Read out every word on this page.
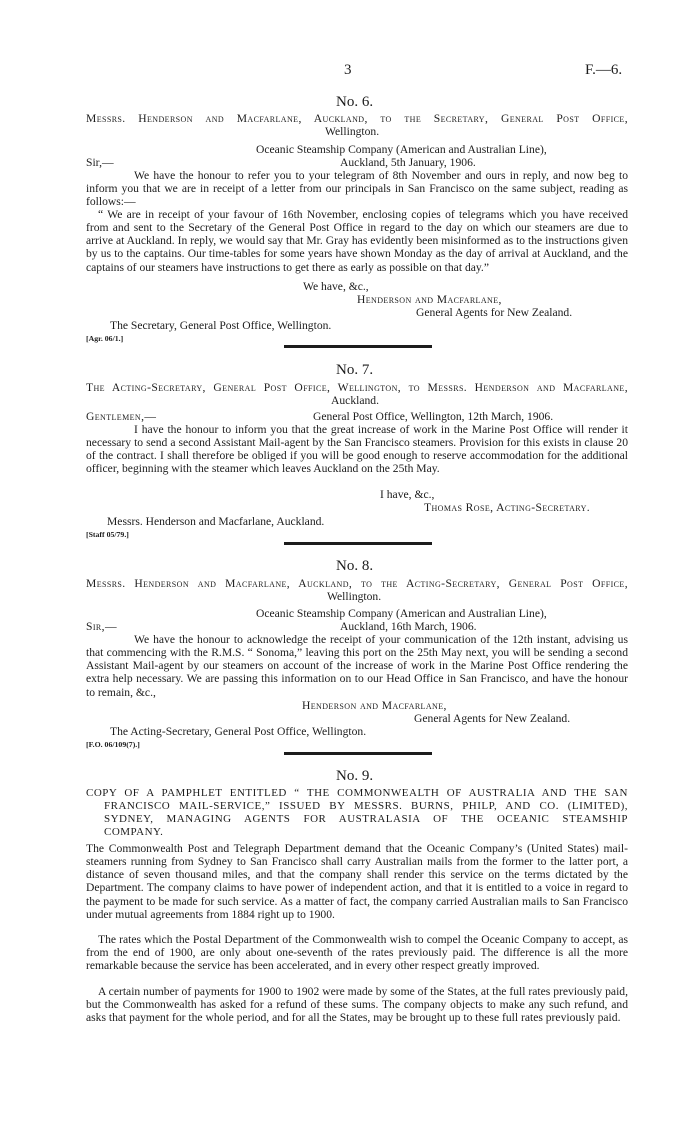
3	F.—6.
No. 6.
Messrs. Henderson and Macfarlane, Auckland, to the Secretary, General Post Office,
Wellington.
Oceanic Steamship Company (American and Australian Line),
Sir,—	Auckland, 5th January, 1906.
We have the honour to refer you to your telegram of 8th November and ours in reply, and now beg to inform you that we are in receipt of a letter from our principals in San Francisco on the same subject, reading as follows:—
“ We are in receipt of your favour of 16th November, enclosing copies of telegrams which you have received from and sent to the Secretary of the General Post Office in regard to the day on which our steamers are due to arrive at Auckland. In reply, we would say that Mr. Gray has evidently been misinformed as to the instructions given by us to the captains. Our time-tables for some years have shown Monday as the day of arrival at Auckland, and the captains of our steamers have instructions to get there as early as possible on that day.”
We have, &c.,
Henderson and Macfarlane,
General Agents for New Zealand.
The Secretary, General Post Office, Wellington.
[Agr. 06/1.]
No. 7.
The Acting-Secretary, General Post Office, Wellington, to Messrs. Henderson and Macfarlane,
Auckland.
Gentlemen,—	General Post Office, Wellington, 12th March, 1906.
I have the honour to inform you that the great increase of work in the Marine Post Office will render it necessary to send a second Assistant Mail-agent by the San Francisco steamers. Provision for this exists in clause 20 of the contract. I shall therefore be obliged if you will be good enough to reserve accommodation for the additional officer, beginning with the steamer which leaves Auckland on the 25th May.
I have, &c.,
Thomas Rose, Acting-Secretary.
Messrs. Henderson and Macfarlane, Auckland.
[Staff 05/79.]
No. 8.
Messrs. Henderson and Macfarlane, Auckland, to the Acting-Secretary, General Post Office,
Wellington.
Oceanic Steamship Company (American and Australian Line),
Sir,—	Auckland, 16th March, 1906.
We have the honour to acknowledge the receipt of your communication of the 12th instant, advising us that commencing with the R.M.S. “ Sonoma,” leaving this port on the 25th May next, you will be sending a second Assistant Mail-agent by our steamers on account of the increase of work in the Marine Post Office rendering the extra help necessary. We are passing this information on to our Head Office in San Francisco, and have the honour to remain, &c.,
Henderson and Macfarlane,
General Agents for New Zealand.
The Acting-Secretary, General Post Office, Wellington.
[F.O. 06/109(7).]
No. 9.
COPY OF A PAMPHLET ENTITLED “ THE COMMONWEALTH OF AUSTRALIA AND THE SAN
FRANCISCO MAIL-SERVICE,” ISSUED BY MESSRS. BURNS, PHILP, AND CO. (LIMITED),
SYDNEY, MANAGING AGENTS FOR AUSTRALASIA OF THE OCEANIC STEAMSHIP
COMPANY.
The Commonwealth Post and Telegraph Department demand that the Oceanic Company’s (United States) mail-steamers running from Sydney to San Francisco shall carry Australian mails from the former to the latter port, a distance of seven thousand miles, and that the company shall render this service on the terms dictated by the Department. The company claims to have power of independent action, and that it is entitled to a voice in regard to the payment to be made for such service. As a matter of fact, the company carried Australian mails to San Francisco under mutual agreements from 1884 right up to 1900.
The rates which the Postal Department of the Commonwealth wish to compel the Oceanic Company to accept, as from the end of 1900, are only about one-seventh of the rates previously paid. The difference is all the more remarkable because the service has been accelerated, and in every other respect greatly improved.
A certain number of payments for 1900 to 1902 were made by some of the States, at the full rates previously paid, but the Commonwealth has asked for a refund of these sums. The company objects to make any such refund, and asks that payment for the whole period, and for all the States, may be brought up to these full rates previously paid.
